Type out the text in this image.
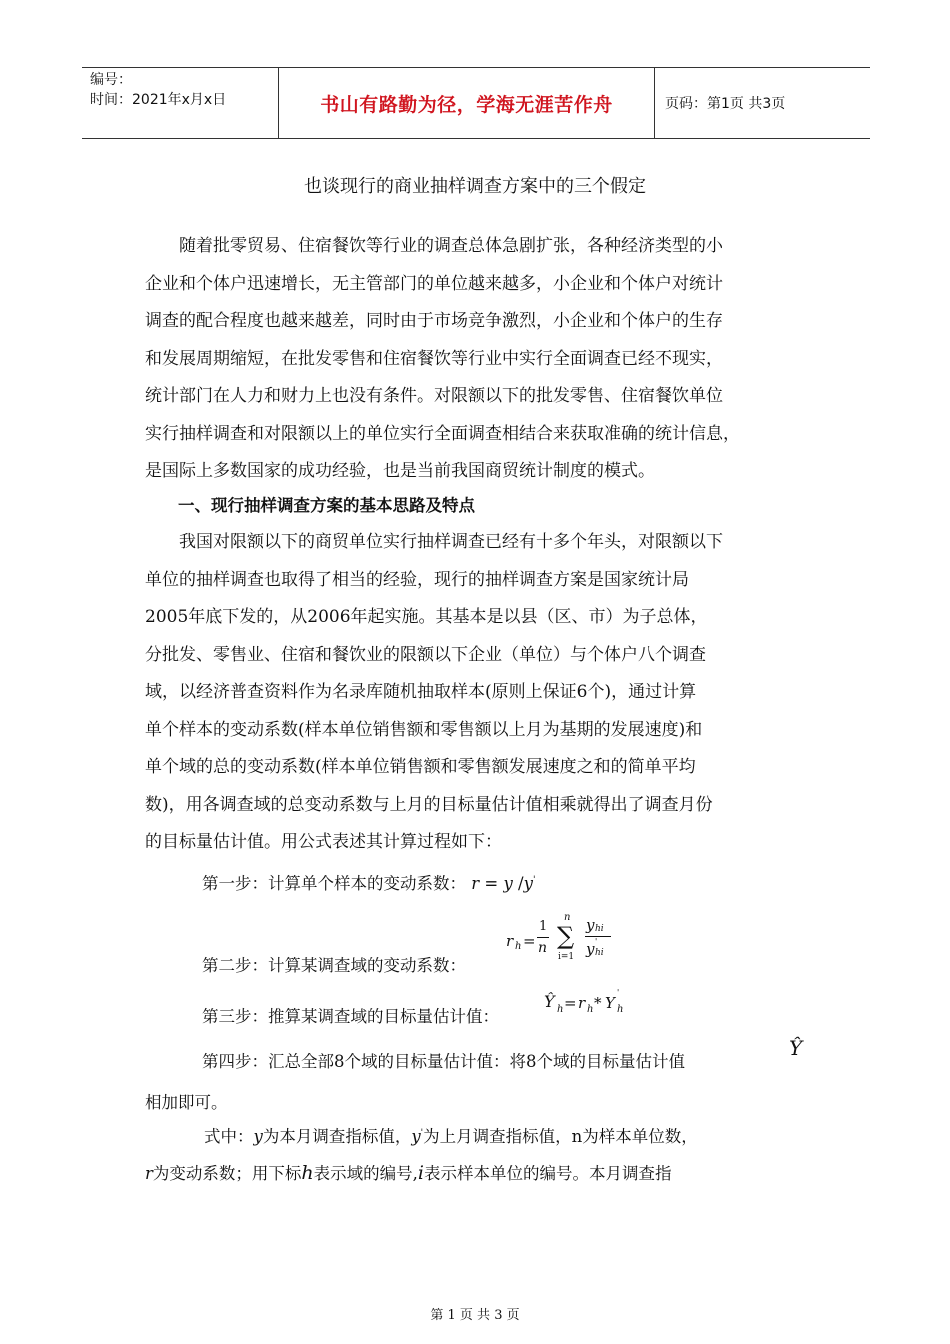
编号：
时间：2021年x月x日	书山有路勤为径，学海无涯苦作舟	页码：第1页 共3页
也谈现行的商业抽样调查方案中的三个假定
随着批零贸易、住宿餐饮等行业的调查总体急剧扩张，各种经济类型的小
企业和个体户迅速增长，无主管部门的单位越来越多，小企业和个体户对统计
调查的配合程度也越来越差，同时由于市场竞争激烈，小企业和个体户的生存
和发展周期缩短，在批发零售和住宿餐饮等行业中实行全面调查已经不现实，
统计部门在人力和财力上也没有条件。对限额以下的批发零售、住宿餐饮单位
实行抽样调查和对限额以上的单位实行全面调查相结合来获取准确的统计信息，
是国际上多数国家的成功经验，也是当前我国商贸统计制度的模式。
一、现行抽样调查方案的基本思路及特点
我国对限额以下的商贸单位实行抽样调查已经有十多个年头，对限额以下
单位的抽样调查也取得了相当的经验，现行的抽样调查方案是国家统计局
2005年底下发的，从2006年起实施。其基本是以县（区、市）为子总体，
分批发、零售业、住宿和餐饮业的限额以下企业（单位）与个体户八个调查
域，以经济普查资料作为名录库随机抽取样本(原则上保证6个)，通过计算
单个样本的变动系数(样本单位销售额和零售额以上月为基期的发展速度)和
单个域的总的变动系数(样本单位销售额和零售额发展速度之和的简单平均
数)，用各调查域的总变动系数与上月的目标量估计值相乘就得出了调查月份
的目标量估计值。用公式表述其计算过程如下：
第一步：计算单个样本的变动系数： r = y /y'
第二步：计算某调查域的变动系数：
r h =
1
n
n
∑
i=1
y hi
y '
hi
第三步：推算某调查域的目标量估计值：
Ŷ h = r h * Y
'
h
第四步：汇总全部8个域的目标量估计值：将8个域的目标量估计值
Ŷ
相加即可。
式中：y为本月调查指标值，y'为上月调查指标值，n为样本单位数，
r为变动系数；用下标h表示域的编号,i表示样本单位的编号。本月调查指
第 1 页 共 3 页
